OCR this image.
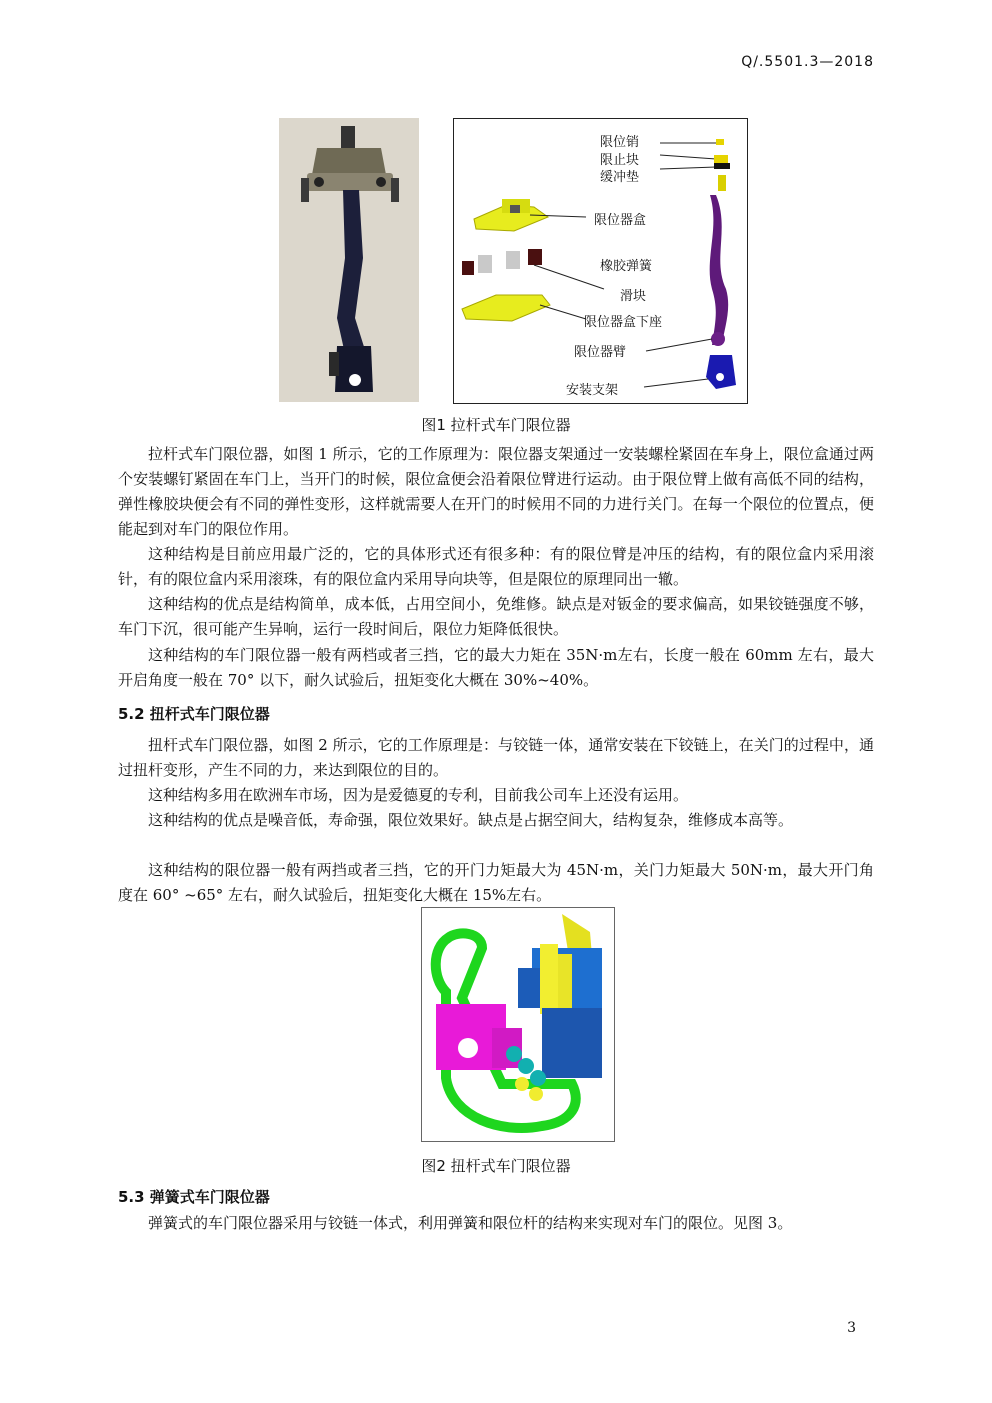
Q/.5501.3—2018
限位销
限止块
缓冲垫
限位器盒
橡胶弹簧
滑块
限位器盒下座
限位器臂
安装支架
图1 拉杆式车门限位器

拉杆式车门限位器，如图 1 所示，它的工作原理为：限位器支架通过一安装螺栓紧固在车身上，限位盒通过两个安装螺钉紧固在车门上，当开门的时候，限位盒便会沿着限位臂进行运动。由于限位臂上做有高低不同的结构，弹性橡胶块便会有不同的弹性变形，这样就需要人在开门的时候用不同的力进行关门。在每一个限位的位置点，便能起到对车门的限位作用。

这种结构是目前应用最广泛的，它的具体形式还有很多种：有的限位臂是冲压的结构，有的限位盒内采用滚针，有的限位盒内采用滚珠，有的限位盒内采用导向块等，但是限位的原理同出一辙。

这种结构的优点是结构简单，成本低，占用空间小，免维修。缺点是对钣金的要求偏高，如果铰链强度不够，车门下沉，很可能产生异响，运行一段时间后，限位力矩降低很快。

这种结构的车门限位器一般有两档或者三挡，它的最大力矩在 35N·m左右，长度一般在 60mm 左右，最大开启角度一般在 70° 以下，耐久试验后，扭矩变化大概在 30%~40%。

5.2 扭杆式车门限位器

扭杆式车门限位器，如图 2 所示，它的工作原理是：与铰链一体，通常安装在下铰链上，在关门的过程中，通过扭杆变形，产生不同的力，来达到限位的目的。

这种结构多用在欧洲车市场，因为是爱德夏的专利，目前我公司车上还没有运用。

这种结构的优点是噪音低，寿命强，限位效果好。缺点是占据空间大，结构复杂，维修成本高等。

这种结构的限位器一般有两挡或者三挡，它的开门力矩最大为 45N·m，关门力矩最大 50N·m，最大开门角度在 60° ~65° 左右，耐久试验后，扭矩变化大概在 15%左右。

图2 扭杆式车门限位器
5.3 弹簧式车门限位器

弹簧式的车门限位器采用与铰链一体式，利用弹簧和限位杆的结构来实现对车门的限位。见图 3。

3
